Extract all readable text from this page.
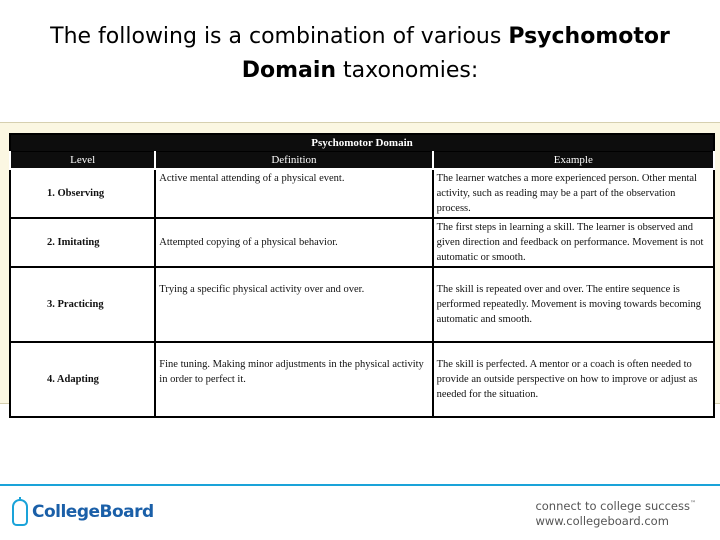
The following is a combination of various Psychomotor
Domain taxonomies:
Psychomotor Domain		
Level	Definition	Example
1. Observing	Active mental attending of a physical event.	The learner watches a more experienced person. Other mental activity, such as reading may be a part of the observation process.
2. Imitating	Attempted copying of a physical behavior.	The first steps in learning a skill. The learner is observed and given direction and feedback on performance. Movement is not automatic or smooth.
3. Practicing	Trying a specific physical activity over and over.	The skill is repeated over and over. The entire sequence is performed repeatedly. Movement is moving towards becoming automatic and smooth.
4. Adapting	Fine tuning. Making minor adjustments in the physical activity in order to perfect it.	The skill is perfected. A mentor or a coach is often needed to provide an outside perspective on how to improve or adjust as needed for the situation.
CollegeBoard	connect to college success™
www.collegeboard.com
